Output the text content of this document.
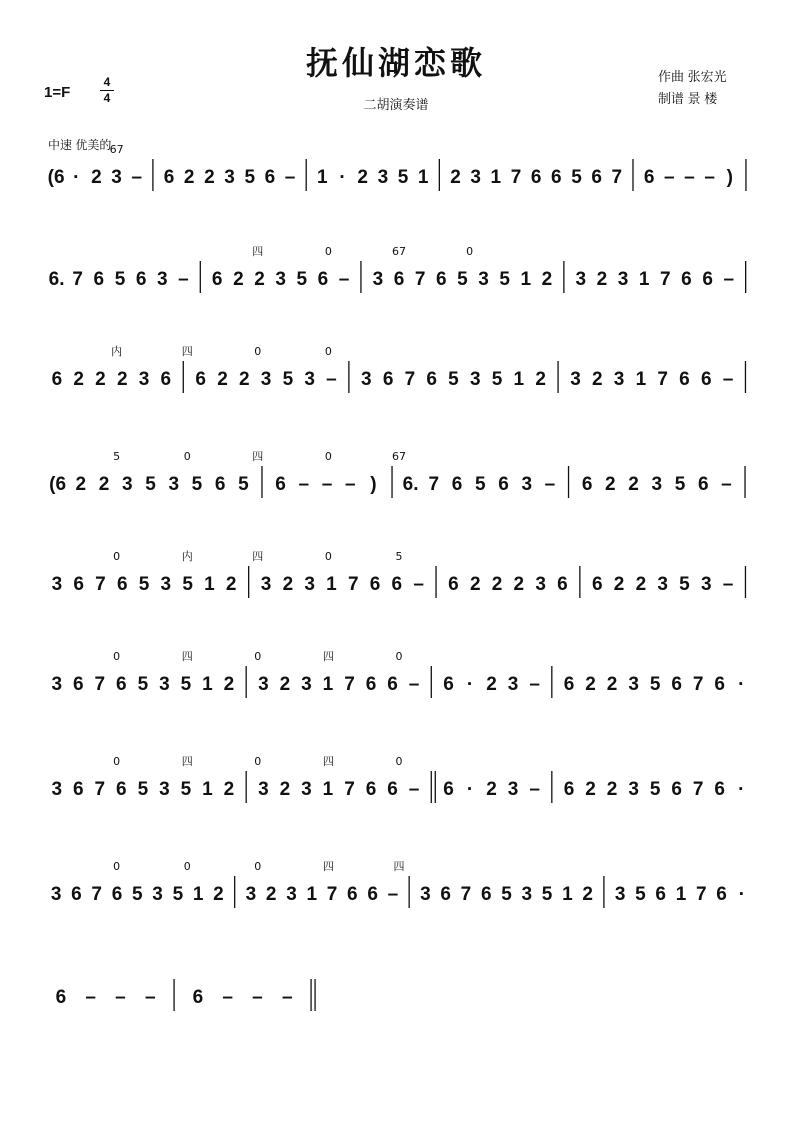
抚仙湖恋歌
二胡演奏谱
1=F
4
4
作曲 张宏光
制谱 景 楼
中速 优美的
(6 · 2 3 – 6 2 2 3 5 6 – 1 · 2 3 5 1 2 3 1 7 6 6 5 6 7 6 – – – )
67
6. 7 6 5 6 3 – 6 2 2 3 5 6 – 3 6 7 6 5 3 5 1 2 3 2 3 1 7 6 6 –
四	0	67	0
6 2 2 2 3 6 6 2 2 3 5 3 – 3 6 7 6 5 3 5 1 2 3 2 3 1 7 6 6 –
内	四	0	0
(6 2 2 3 5 3 5 6 5 6 – – – ) 6. 7 6 5 6 3 – 6 2 2 3 5 6 –
5	0	四	0	67
3 6 7 6 5 3 5 1 2 3 2 3 1 7 6 6 – 6 2 2 2 3 6 6 2 2 3 5 3 –
0	内	四	0	5
3 6 7 6 5 3 5 1 2 3 2 3 1 7 6 6 – 6 · 2 3 – 6 2 2 3 5 6 7 6 ·
0	四	0	四	0
3 6 7 6 5 3 5 1 2 3 2 3 1 7 6 6 – 6 · 2 3 – 6 2 2 3 5 6 7 6 ·
0	四	0	四	0
3 6 7 6 5 3 5 1 2 3 2 3 1 7 6 6 – 3 6 7 6 5 3 5 1 2 3 5 6 1 7 6 ·
0	0	0	四	四
6 – – – 6 – – –
